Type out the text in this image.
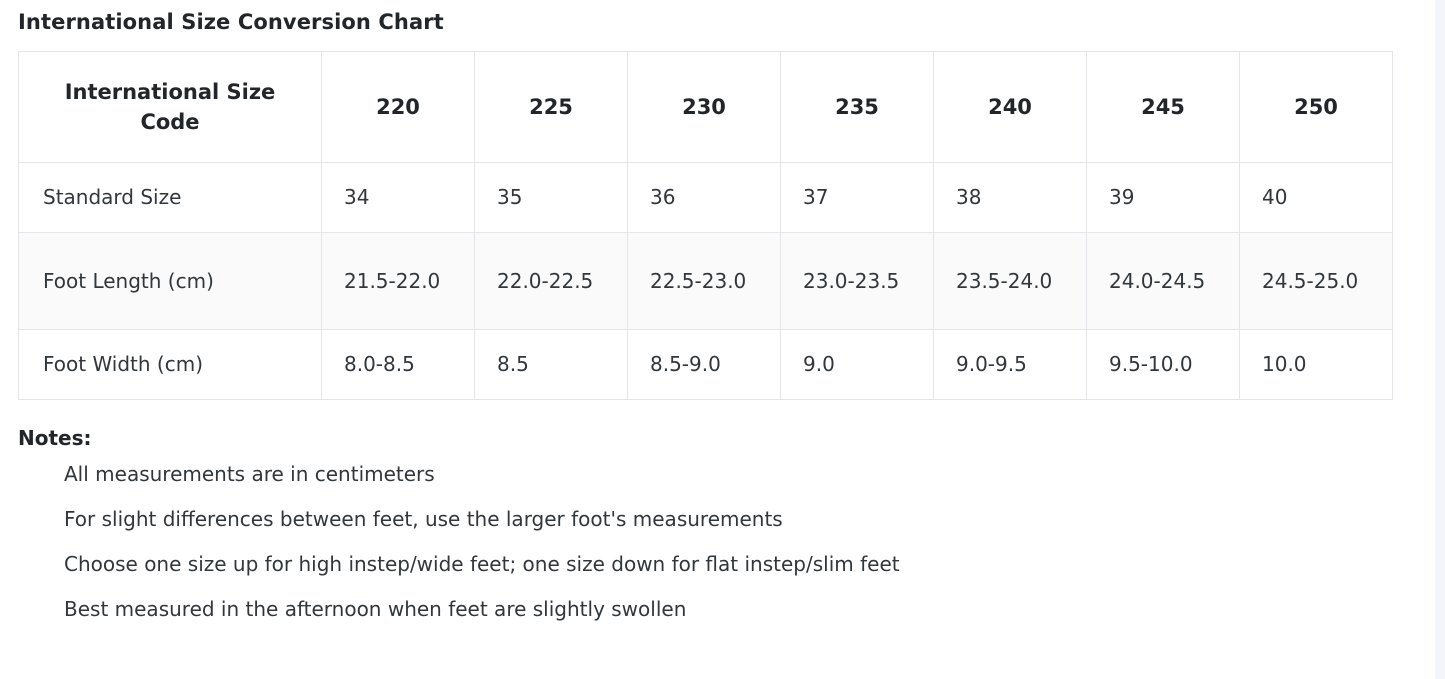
International Size Conversion Chart
International Size Code	220	225	230	235	240	245	250
Standard Size	34	35	36	37	38	39	40
Foot Length (cm)	21.5-22.0	22.0-22.5	22.5-23.0	23.0-23.5	23.5-24.0	24.0-24.5	24.5-25.0
Foot Width (cm)	8.0-8.5	8.5	8.5-9.0	9.0	9.0-9.5	9.5-10.0	10.0
Notes:
All measurements are in centimeters
For slight differences between feet, use the larger foot's measurements
Choose one size up for high instep/wide feet; one size down for flat instep/slim feet
Best measured in the afternoon when feet are slightly swollen
